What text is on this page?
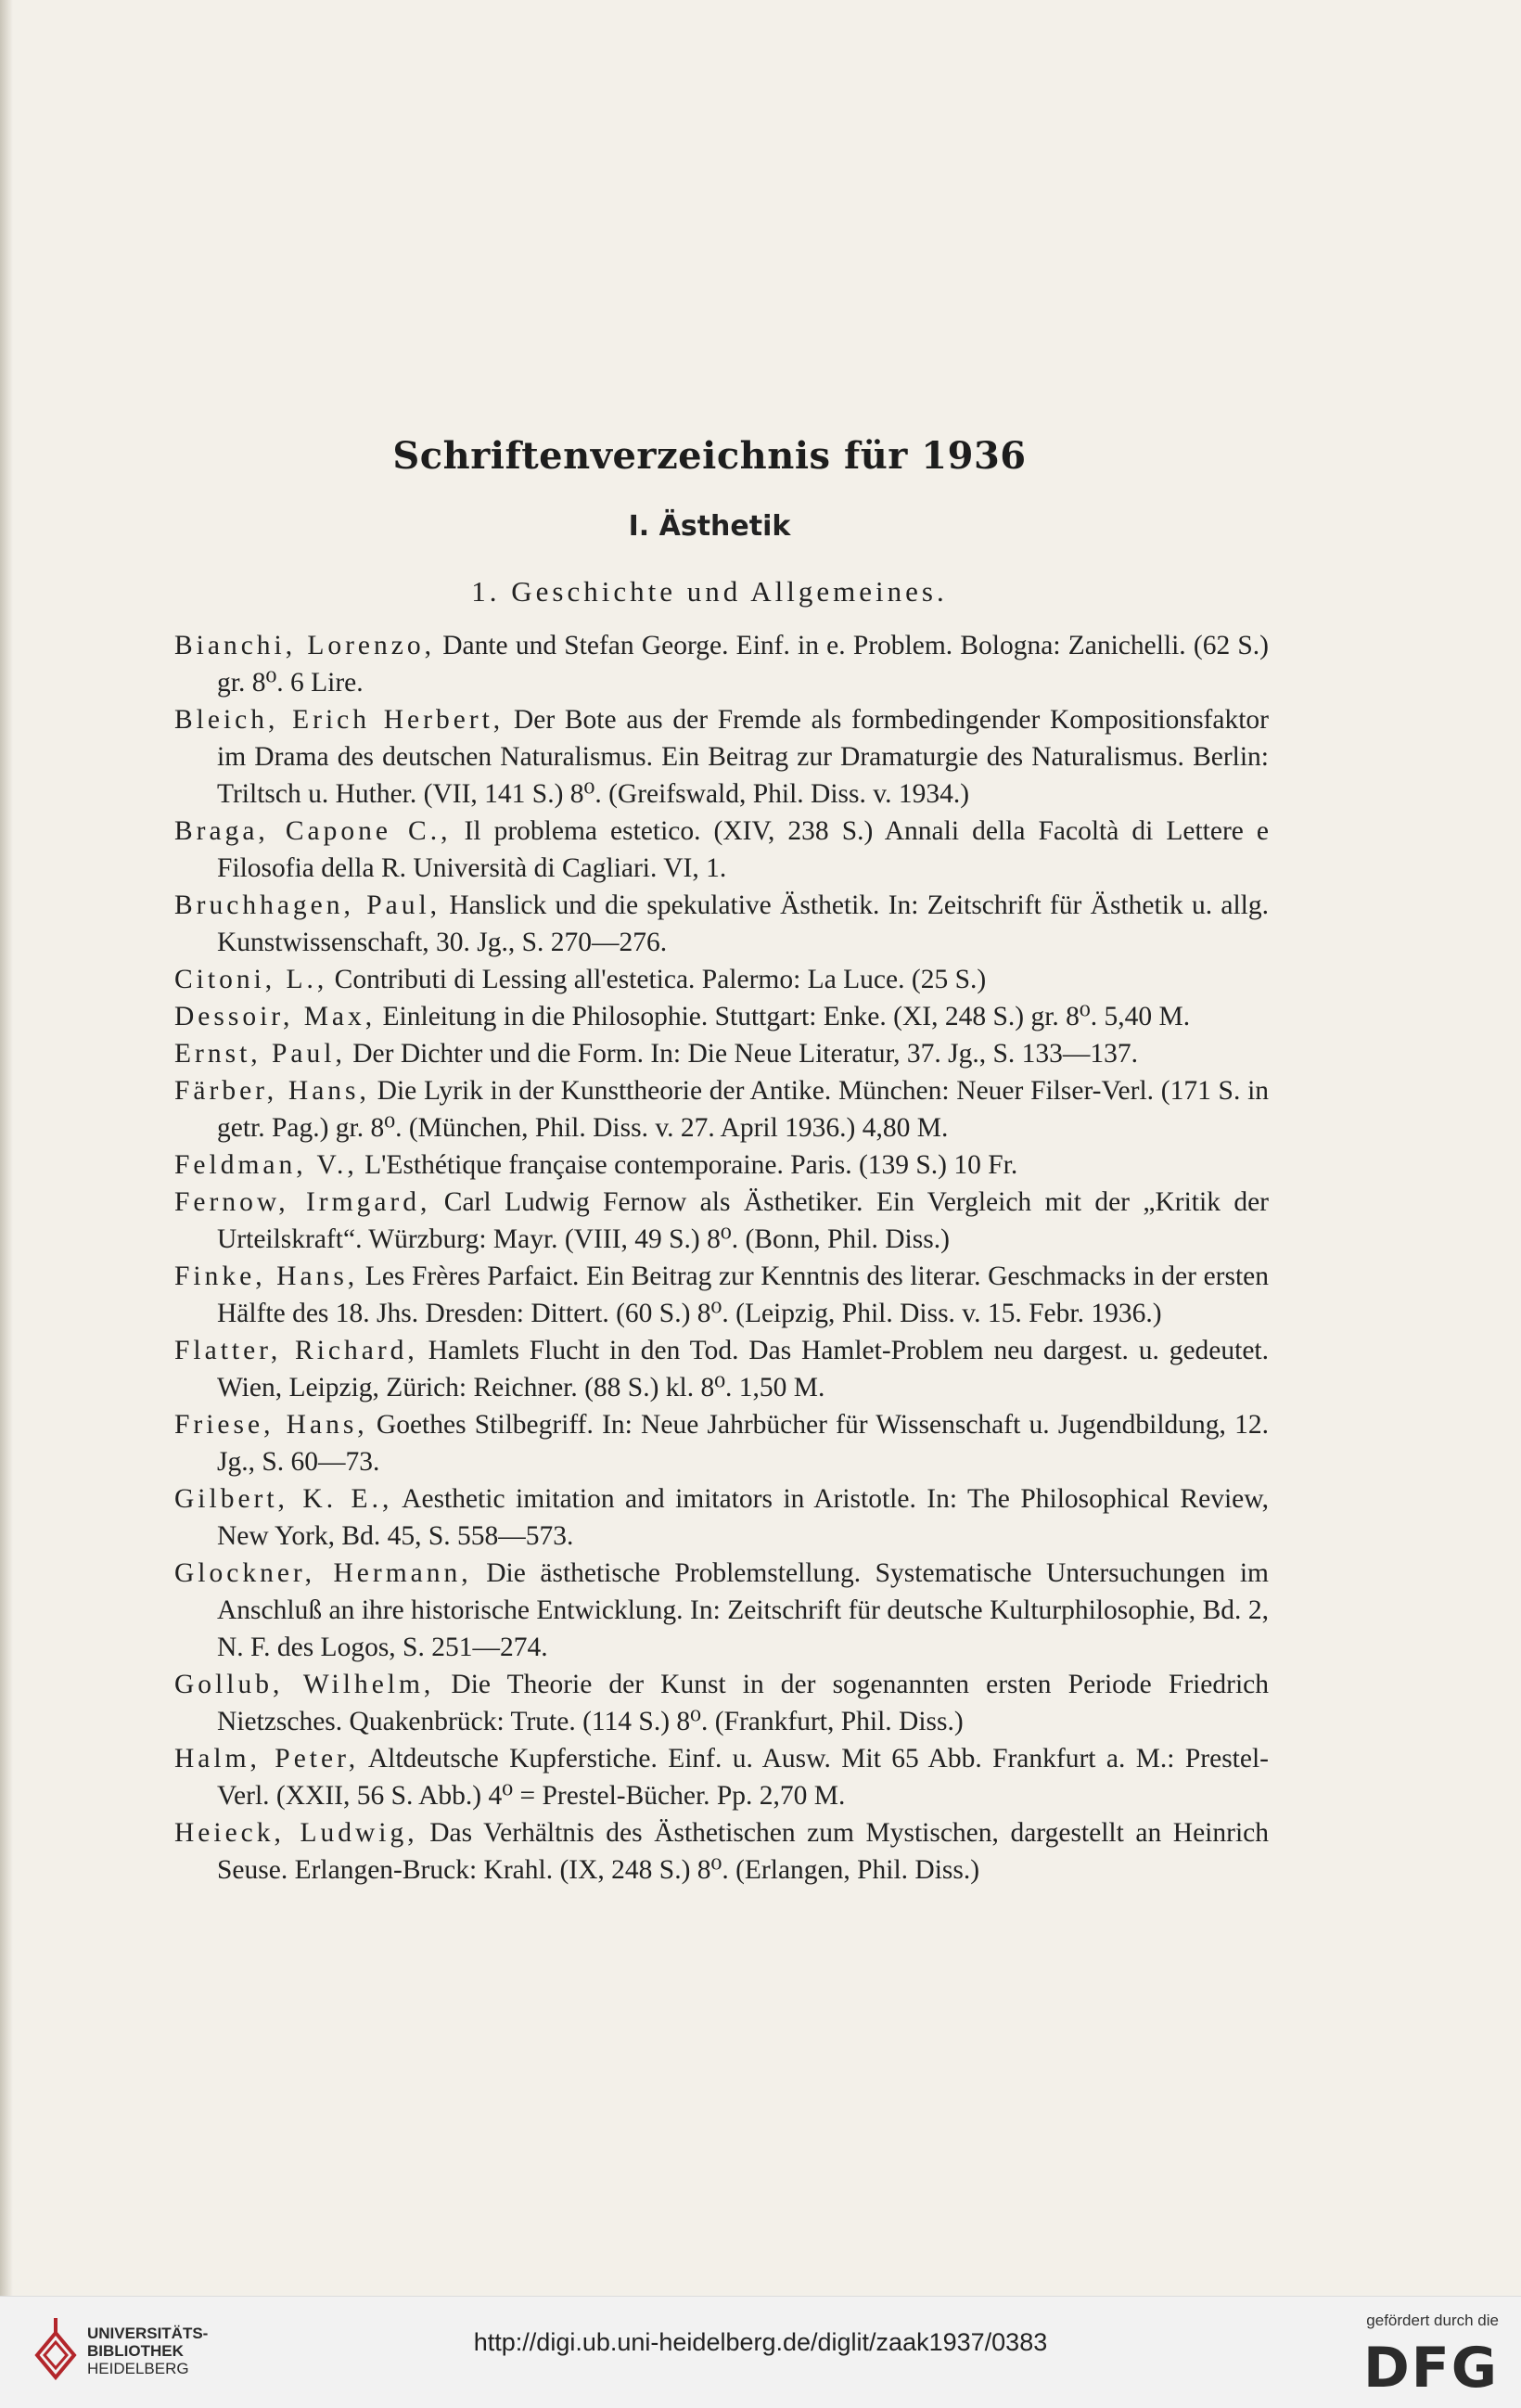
Schriftenverzeichnis für 1936
I. Ästhetik
1. Geschichte und Allgemeines.

Bianchi, Lorenzo, Dante und Stefan George. Einf. in e. Problem. Bologna: Zanichelli. (62 S.) gr. 8⁰. 6 Lire.

Bleich, Erich Herbert, Der Bote aus der Fremde als formbedingender Kompositionsfaktor im Drama des deutschen Naturalismus. Ein Beitrag zur Dramaturgie des Naturalismus. Berlin: Triltsch u. Huther. (VII, 141 S.) 8⁰. (Greifswald, Phil. Diss. v. 1934.)

Braga, Capone C., Il problema estetico. (XIV, 238 S.) Annali della Facoltà di Lettere e Filosofia della R. Università di Cagliari. VI, 1.

Bruchhagen, Paul, Hanslick und die spekulative Ästhetik. In: Zeitschrift für Ästhetik u. allg. Kunstwissenschaft, 30. Jg., S. 270—276.

Citoni, L., Contributi di Lessing all'estetica. Palermo: La Luce. (25 S.)

Dessoir, Max, Einleitung in die Philosophie. Stuttgart: Enke. (XI, 248 S.) gr. 8⁰. 5,40 M.

Ernst, Paul, Der Dichter und die Form. In: Die Neue Literatur, 37. Jg., S. 133—137.

Färber, Hans, Die Lyrik in der Kunsttheorie der Antike. München: Neuer Filser-Verl. (171 S. in getr. Pag.) gr. 8⁰. (München, Phil. Diss. v. 27. April 1936.) 4,80 M.

Feldman, V., L'Esthétique française contemporaine. Paris. (139 S.) 10 Fr.

Fernow, Irmgard, Carl Ludwig Fernow als Ästhetiker. Ein Vergleich mit der „Kritik der Urteilskraft“. Würzburg: Mayr. (VIII, 49 S.) 8⁰. (Bonn, Phil. Diss.)

Finke, Hans, Les Frères Parfaict. Ein Beitrag zur Kenntnis des literar. Geschmacks in der ersten Hälfte des 18. Jhs. Dresden: Dittert. (60 S.) 8⁰. (Leipzig, Phil. Diss. v. 15. Febr. 1936.)

Flatter, Richard, Hamlets Flucht in den Tod. Das Hamlet-Problem neu dargest. u. gedeutet. Wien, Leipzig, Zürich: Reichner. (88 S.) kl. 8⁰. 1,50 M.

Friese, Hans, Goethes Stilbegriff. In: Neue Jahrbücher für Wissenschaft u. Jugendbildung, 12. Jg., S. 60—73.

Gilbert, K. E., Aesthetic imitation and imitators in Aristotle. In: The Philosophical Review, New York, Bd. 45, S. 558—573.

Glockner, Hermann, Die ästhetische Problemstellung. Systematische Untersuchungen im Anschluß an ihre historische Entwicklung. In: Zeitschrift für deutsche Kulturphilosophie, Bd. 2, N. F. des Logos, S. 251—274.

Gollub, Wilhelm, Die Theorie der Kunst in der sogenannten ersten Periode Friedrich Nietzsches. Quakenbrück: Trute. (114 S.) 8⁰. (Frankfurt, Phil. Diss.)

Halm, Peter, Altdeutsche Kupferstiche. Einf. u. Ausw. Mit 65 Abb. Frankfurt a. M.: Prestel-Verl. (XXII, 56 S. Abb.) 4⁰ = Prestel-Bücher. Pp. 2,70 M.

Heieck, Ludwig, Das Verhältnis des Ästhetischen zum Mystischen, dargestellt an Heinrich Seuse. Erlangen-Bruck: Krahl. (IX, 248 S.) 8⁰. (Erlangen, Phil. Diss.)

UNIVERSITÄTS-
BIBLIOTHEK
HEIDELBERG
http://digi.ub.uni-heidelberg.de/diglit/zaak1937/0383
gefördert durch die
DFG
